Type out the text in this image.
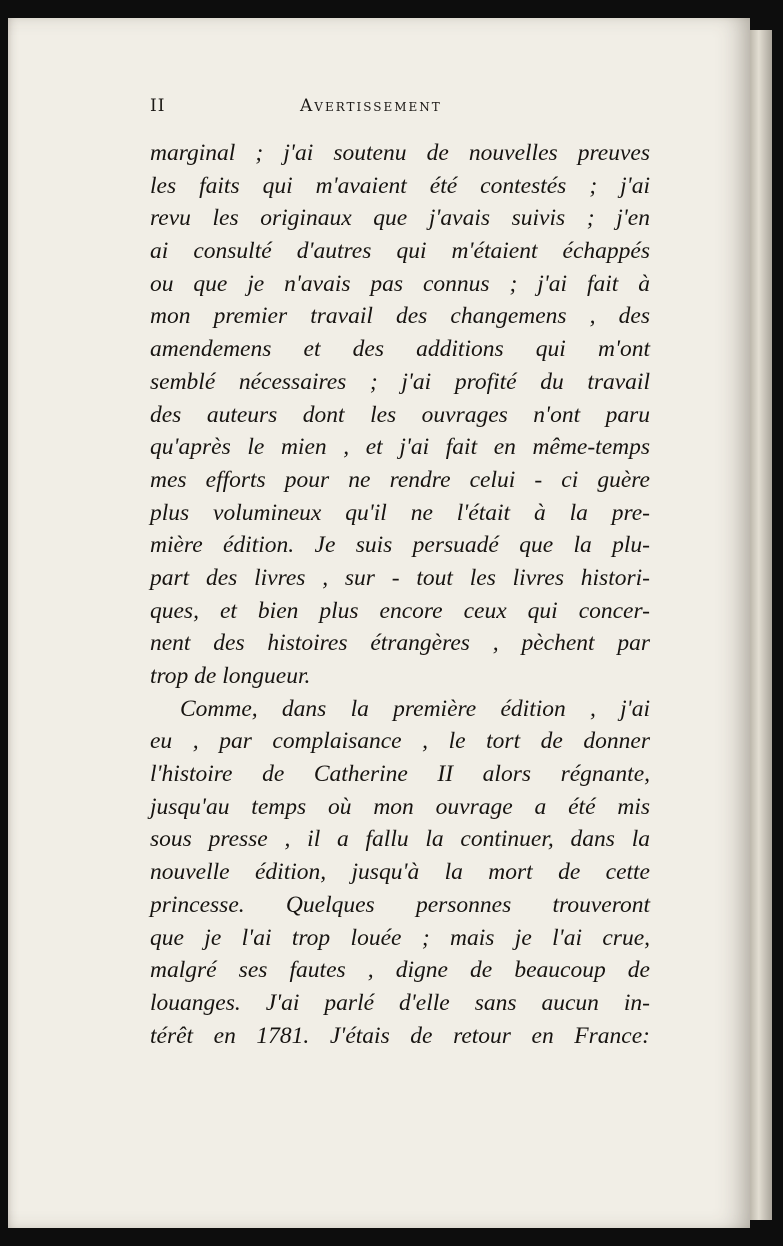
II	Avertissement
marginal ; j'ai soutenu de nouvelles preuves
les faits qui m'avaient été contestés ; j'ai
revu les originaux que j'avais suivis ; j'en
ai consulté d'autres qui m'étaient échappés
ou que je n'avais pas connus ; j'ai fait à
mon premier travail des changemens , des
amendemens et des additions qui m'ont
semblé nécessaires ; j'ai profité du travail
des auteurs dont les ouvrages n'ont paru
qu'après le mien , et j'ai fait en même-temps
mes efforts pour ne rendre celui - ci guère
plus volumineux qu'il ne l'était à la pre-
mière édition. Je suis persuadé que la plu-
part des livres , sur - tout les livres histori-
ques, et bien plus encore ceux qui concer-
nent des histoires étrangères , pèchent par
trop de longueur.
Comme, dans la première édition , j'ai
eu , par complaisance , le tort de donner
l'histoire de Catherine II alors régnante,
jusqu'au temps où mon ouvrage a été mis
sous presse , il a fallu la continuer, dans la
nouvelle édition, jusqu'à la mort de cette
princesse. Quelques personnes trouveront
que je l'ai trop louée ; mais je l'ai crue,
malgré ses fautes , digne de beaucoup de
louanges. J'ai parlé d'elle sans aucun in-
térêt en 1781. J'étais de retour en France:
